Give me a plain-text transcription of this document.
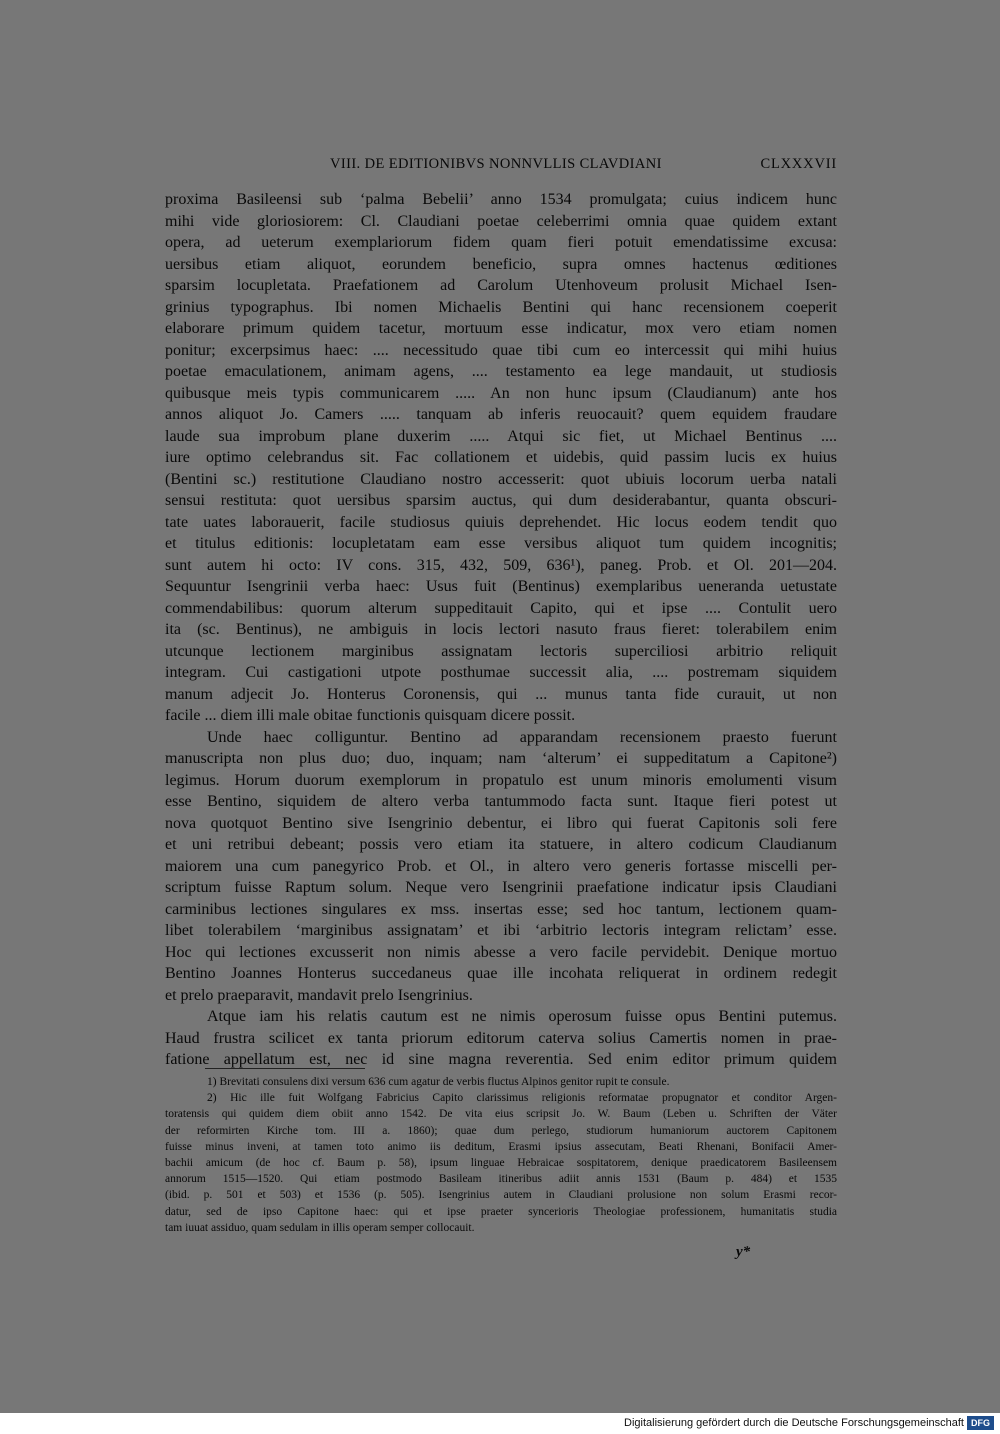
VIII. DE EDITIONIBVS NONNVLLIS CLAVDIANI	CLXXXVII
proxima Basileensi sub ‘palma Bebelii’ anno 1534 promulgata; cuius indicem hunc
mihi vide gloriosiorem: Cl. Claudiani poetae celeberrimi omnia quae quidem extant
opera, ad ueterum exemplariorum fidem quam fieri potuit emendatissime excusa:
uersibus etiam aliquot, eorundem beneficio, supra omnes hactenus œditiones
sparsim locupletata. Praefationem ad Carolum Utenhoveum prolusit Michael Isen-
grinius typographus. Ibi nomen Michaelis Bentini qui hanc recensionem coeperit
elaborare primum quidem tacetur, mortuum esse indicatur, mox vero etiam nomen
ponitur; excerpsimus haec: .... necessitudo quae tibi cum eo intercessit qui mihi huius
poetae emaculationem, animam agens, .... testamento ea lege mandauit, ut studiosis
quibusque meis typis communicarem ..... An non hunc ipsum (Claudianum) ante hos
annos aliquot Jo. Camers ..... tanquam ab inferis reuocauit? quem equidem fraudare
laude sua improbum plane duxerim ..... Atqui sic fiet, ut Michael Bentinus ....
iure optimo celebrandus sit. Fac collationem et uidebis, quid passim lucis ex huius
(Bentini sc.) restitutione Claudiano nostro accesserit: quot ubiuis locorum uerba natali
sensui restituta: quot uersibus sparsim auctus, qui dum desiderabantur, quanta obscuri-
tate uates laborauerit, facile studiosus quiuis deprehendet. Hic locus eodem tendit quo
et titulus editionis: locupletatam eam esse versibus aliquot tum quidem incognitis;
sunt autem hi octo: IV cons. 315, 432, 509, 636¹), paneg. Prob. et Ol. 201—204.
Sequuntur Isengrinii verba haec: Usus fuit (Bentinus) exemplaribus ueneranda uetustate
commendabilibus: quorum alterum suppeditauit Capito, qui et ipse .... Contulit uero
ita (sc. Bentinus), ne ambiguis in locis lectori nasuto fraus fieret: tolerabilem enim
utcunque lectionem marginibus assignatam lectoris superciliosi arbitrio reliquit
integram. Cui castigationi utpote posthumae successit alia, .... postremam siquidem
manum adjecit Jo. Honterus Coronensis, qui ... munus tanta fide curauit, ut non
facile ... diem illi male obitae functionis quisquam dicere possit.
Unde haec colliguntur. Bentino ad apparandam recensionem praesto fuerunt
manuscripta non plus duo; duo, inquam; nam ‘alterum’ ei suppeditatum a Capitone²)
legimus. Horum duorum exemplorum in propatulo est unum minoris emolumenti visum
esse Bentino, siquidem de altero verba tantummodo facta sunt. Itaque fieri potest ut
nova quotquot Bentino sive Isengrinio debentur, ei libro qui fuerat Capitonis soli fere
et uni retribui debeant; possis vero etiam ita statuere, in altero codicum Claudianum
maiorem una cum panegyrico Prob. et Ol., in altero vero generis fortasse miscelli per-
scriptum fuisse Raptum solum. Neque vero Isengrinii praefatione indicatur ipsis Claudiani
carminibus lectiones singulares ex mss. insertas esse; sed hoc tantum, lectionem quam-
libet tolerabilem ‘marginibus assignatam’ et ibi ‘arbitrio lectoris integram relictam’ esse.
Hoc qui lectiones excusserit non nimis abesse a vero facile pervidebit. Denique mortuo
Bentino Joannes Honterus succedaneus quae ille incohata reliquerat in ordinem redegit
et prelo praeparavit, mandavit prelo Isengrinius.
Atque iam his relatis cautum est ne nimis operosum fuisse opus Bentini putemus.
Haud frustra scilicet ex tanta priorum editorum caterva solius Camertis nomen in prae-
fatione appellatum est, nec id sine magna reverentia. Sed enim editor primum quidem
1) Brevitati consulens dixi versum 636 cum agatur de verbis fluctus Alpinos genitor rupit te consule.
2) Hic ille fuit Wolfgang Fabricius Capito clarissimus religionis reformatae propugnator et conditor Argen-
toratensis qui quidem diem obiit anno 1542. De vita eius scripsit Jo. W. Baum (Leben u. Schriften der Väter
der reformirten Kirche tom. III a. 1860); quae dum perlego, studiorum humaniorum auctorem Capitonem
fuisse minus inveni, at tamen toto animo iis deditum, Erasmi ipsius assecutam, Beati Rhenani, Bonifacii Amer-
bachii amicum (de hoc cf. Baum p. 58), ipsum linguae Hebraicae sospitatorem, denique praedicatorem Basileensem
annorum 1515—1520. Qui etiam postmodo Basileam itineribus adiit annis 1531 (Baum p. 484) et 1535
(ibid. p. 501 et 503) et 1536 (p. 505). Isengrinius autem in Claudiani prolusione non solum Erasmi recor-
datur, sed de ipso Capitone haec: qui et ipse praeter syncerioris Theologiae professionem, humanitatis studia
tam iuuat assiduo, quam sedulam in illis operam semper collocauit.
y*
Digitalisierung gefördert durch die Deutsche Forschungsgemeinschaft DFG
